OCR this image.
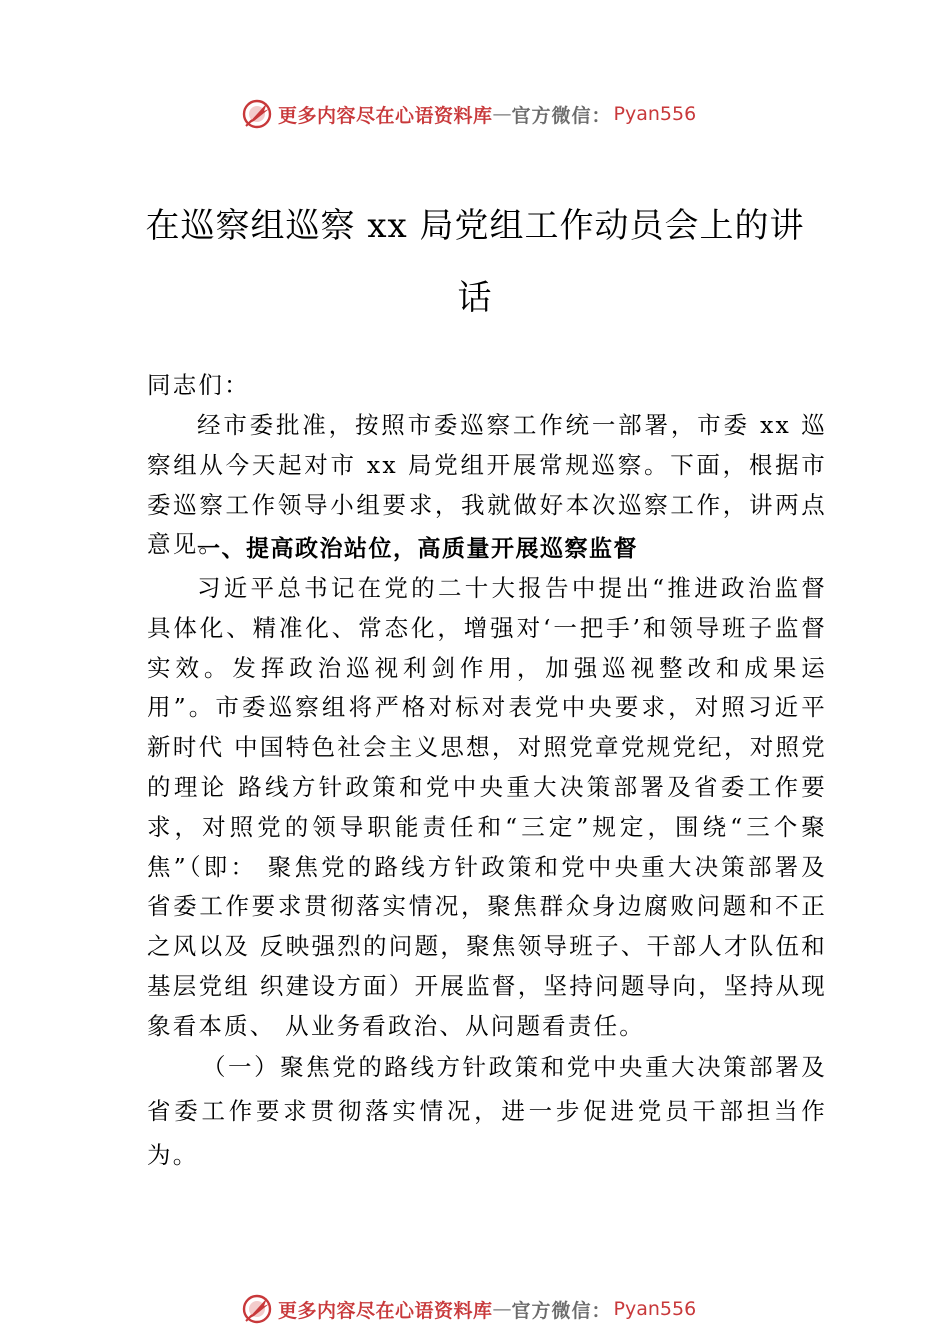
更多内容尽在心语资料库 — 官方微信： Pyan556
在巡察组巡察 xx 局党组工作动员会上的讲话
同志们：
经市委批准，按照市委巡察工作统一部署，市委 xx 巡察组从今天起对市 xx 局党组开展常规巡察。下面，根据市委巡察工作领导小组要求，我就做好本次巡察工作，讲两点意见。
一、提高政治站位，高质量开展巡察监督
习近平总书记在党的二十大报告中提出“推进政治监督具体化、精准化、常态化，增强对‘一把手’和领导班子监督实效。发挥政治巡视利剑作用，加强巡视整改和成果运用”。市委巡察组将严格对标对表党中央要求，对照习近平新时代 中国特色社会主义思想，对照党章党规党纪，对照党的理论 路线方针政策和党中央重大决策部署及省委工作要求，对照党的领导职能责任和“三定”规定，围绕“三个聚焦”（即： 聚焦党的路线方针政策和党中央重大决策部署及省委工作要求贯彻落实情况，聚焦群众身边腐败问题和不正之风以及 反映强烈的问题，聚焦领导班子、干部人才队伍和基层党组 织建设方面）开展监督，坚持问题导向，坚持从现象看本质、 从业务看政治、从问题看责任。
（一）聚焦党的路线方针政策和党中央重大决策部署及省委工作要求贯彻落实情况，进一步促进党员干部担当作为。
更多内容尽在心语资料库 — 官方微信： Pyan556
